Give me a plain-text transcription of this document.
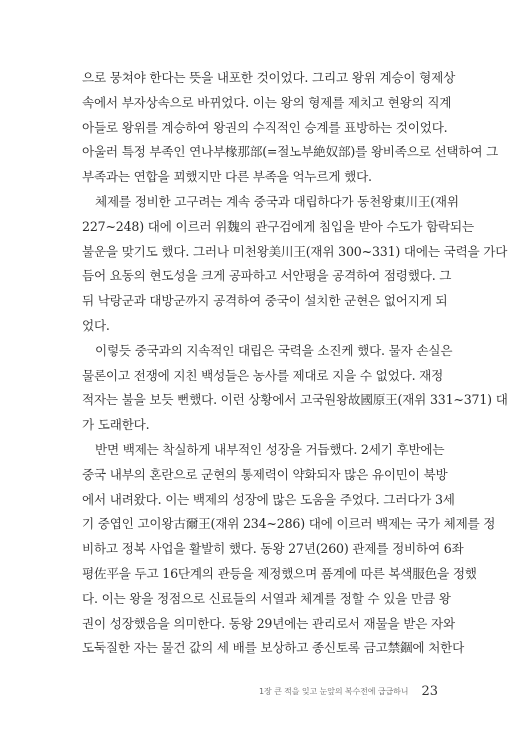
으로 뭉쳐야 한다는 뜻을 내포한 것이었다. 그리고 왕위 계승이 형제상
속에서 부자상속으로 바뀌었다. 이는 왕의 형제를 제치고 현왕의 직계
아들로 왕위를 계승하여 왕권의 수직적인 승계를 표방하는 것이었다.
아울러 특정 부족인 연나부椽那部(=절노부絶奴部)를 왕비족으로 선택하여 그
부족과는 연합을 꾀했지만 다른 부족을 억누르게 했다.
체제를 정비한 고구려는 계속 중국과 대립하다가 동천왕東川王(재위
227~248) 대에 이르러 위魏의 관구검에게 침입을 받아 수도가 함락되는
불운을 맞기도 했다. 그러나 미천왕美川王(재위 300~331) 대에는 국력을 가다
듬어 요동의 현도성을 크게 공파하고 서안평을 공격하여 점령했다. 그
뒤 낙랑군과 대방군까지 공격하여 중국이 설치한 군현은 없어지게 되
었다.
이렇듯 중국과의 지속적인 대립은 국력을 소진케 했다. 물자 손실은
물론이고 전쟁에 지친 백성들은 농사를 제대로 지을 수 없었다. 재정
적자는 불을 보듯 뻔했다. 이런 상황에서 고국원왕故國原王(재위 331~371) 대
가 도래한다.
반면 백제는 착실하게 내부적인 성장을 거듭했다. 2세기 후반에는
중국 내부의 혼란으로 군현의 통제력이 약화되자 많은 유이민이 북방
에서 내려왔다. 이는 백제의 성장에 많은 도움을 주었다. 그러다가 3세
기 중엽인 고이왕古爾王(재위 234~286) 대에 이르러 백제는 국가 체제를 정
비하고 정복 사업을 활발히 했다. 동왕 27년(260) 관제를 정비하여 6좌
평佐平을 두고 16단계의 관등을 제정했으며 품계에 따른 복색服色을 정했
다. 이는 왕을 정점으로 신료들의 서열과 체계를 정할 수 있을 만큼 왕
권이 성장했음을 의미한다. 동왕 29년에는 관리로서 재물을 받은 자와
도둑질한 자는 물건 값의 세 배를 보상하고 종신토록 금고禁錮에 처한다
1장 큰 적을 잊고 눈앞의 복수전에 급급하니 23
